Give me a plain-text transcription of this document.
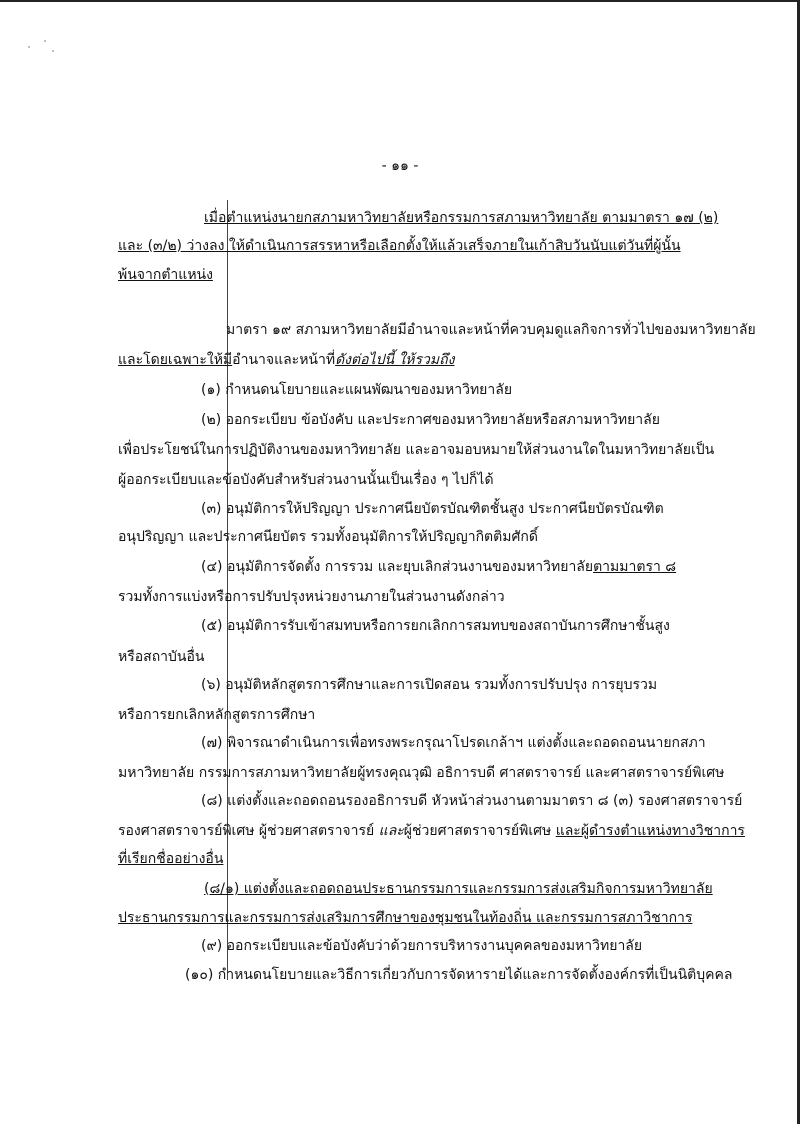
- ๑๑ -
เมื่อตำแหน่งนายกสภามหาวิทยาลัยหรือกรรมการสภามหาวิทยาลัย ตามมาตรา ๑๗ (๒)
และ (๓/๒) ว่างลง ให้ดำเนินการสรรหาหรือเลือกตั้งให้แล้วเสร็จภายในเก้าสิบวันนับแต่วันที่ผู้นั้น
พ้นจากตำแหน่ง
มาตรา ๑๙ สภามหาวิทยาลัยมีอำนาจและหน้าที่ควบคุมดูแลกิจการทั่วไปของมหาวิทยาลัย
และโดยเฉพาะให้มีอำนาจและหน้าที่ดังต่อไปนี้ ให้รวมถึง
(๑) กำหนดนโยบายและแผนพัฒนาของมหาวิทยาลัย
(๒) ออกระเบียบ ข้อบังคับ และประกาศของมหาวิทยาลัยหรือสภามหาวิทยาลัย
เพื่อประโยชน์ในการปฏิบัติงานของมหาวิทยาลัย และอาจมอบหมายให้ส่วนงานใดในมหาวิทยาลัยเป็น
ผู้ออกระเบียบและข้อบังคับสำหรับส่วนงานนั้นเป็นเรื่อง ๆ ไปก็ได้
(๓) อนุมัติการให้ปริญญา ประกาศนียบัตรบัณฑิตชั้นสูง ประกาศนียบัตรบัณฑิต
อนุปริญญา และประกาศนียบัตร รวมทั้งอนุมัติการให้ปริญญากิตติมศักดิ์
(๔) อนุมัติการจัดตั้ง การรวม และยุบเลิกส่วนงานของมหาวิทยาลัยตามมาตรา ๘
รวมทั้งการแบ่งหรือการปรับปรุงหน่วยงานภายในส่วนงานดังกล่าว
(๕) อนุมัติการรับเข้าสมทบหรือการยกเลิกการสมทบของสถาบันการศึกษาชั้นสูง
หรือสถาบันอื่น
(๖) อนุมัติหลักสูตรการศึกษาและการเปิดสอน รวมทั้งการปรับปรุง การยุบรวม
หรือการยกเลิกหลักสูตรการศึกษา
(๗) พิจารณาดำเนินการเพื่อทรงพระกรุณาโปรดเกล้าฯ แต่งตั้งและถอดถอนนายกสภา
มหาวิทยาลัย กรรมการสภามหาวิทยาลัยผู้ทรงคุณวุฒิ อธิการบดี ศาสตราจารย์ และศาสตราจารย์พิเศษ
(๘) แต่งตั้งและถอดถอนรองอธิการบดี หัวหน้าส่วนงานตามมาตรา ๘ (๓) รองศาสตราจารย์
รองศาสตราจารย์พิเศษ ผู้ช่วยศาสตราจารย์ และผู้ช่วยศาสตราจารย์พิเศษ และผู้ดำรงตำแหน่งทางวิชาการ
ที่เรียกชื่ออย่างอื่น
(๘/๑) แต่งตั้งและถอดถอนประธานกรรมการและกรรมการส่งเสริมกิจการมหาวิทยาลัย
ประธานกรรมการและกรรมการส่งเสริมการศึกษาของชุมชนในท้องถิ่น และกรรมการสภาวิชาการ
(๙) ออกระเบียบและข้อบังคับว่าด้วยการบริหารงานบุคคลของมหาวิทยาลัย
(๑๐) กำหนดนโยบายและวิธีการเกี่ยวกับการจัดหารายได้และการจัดตั้งองค์กรที่เป็นนิติบุคคล
